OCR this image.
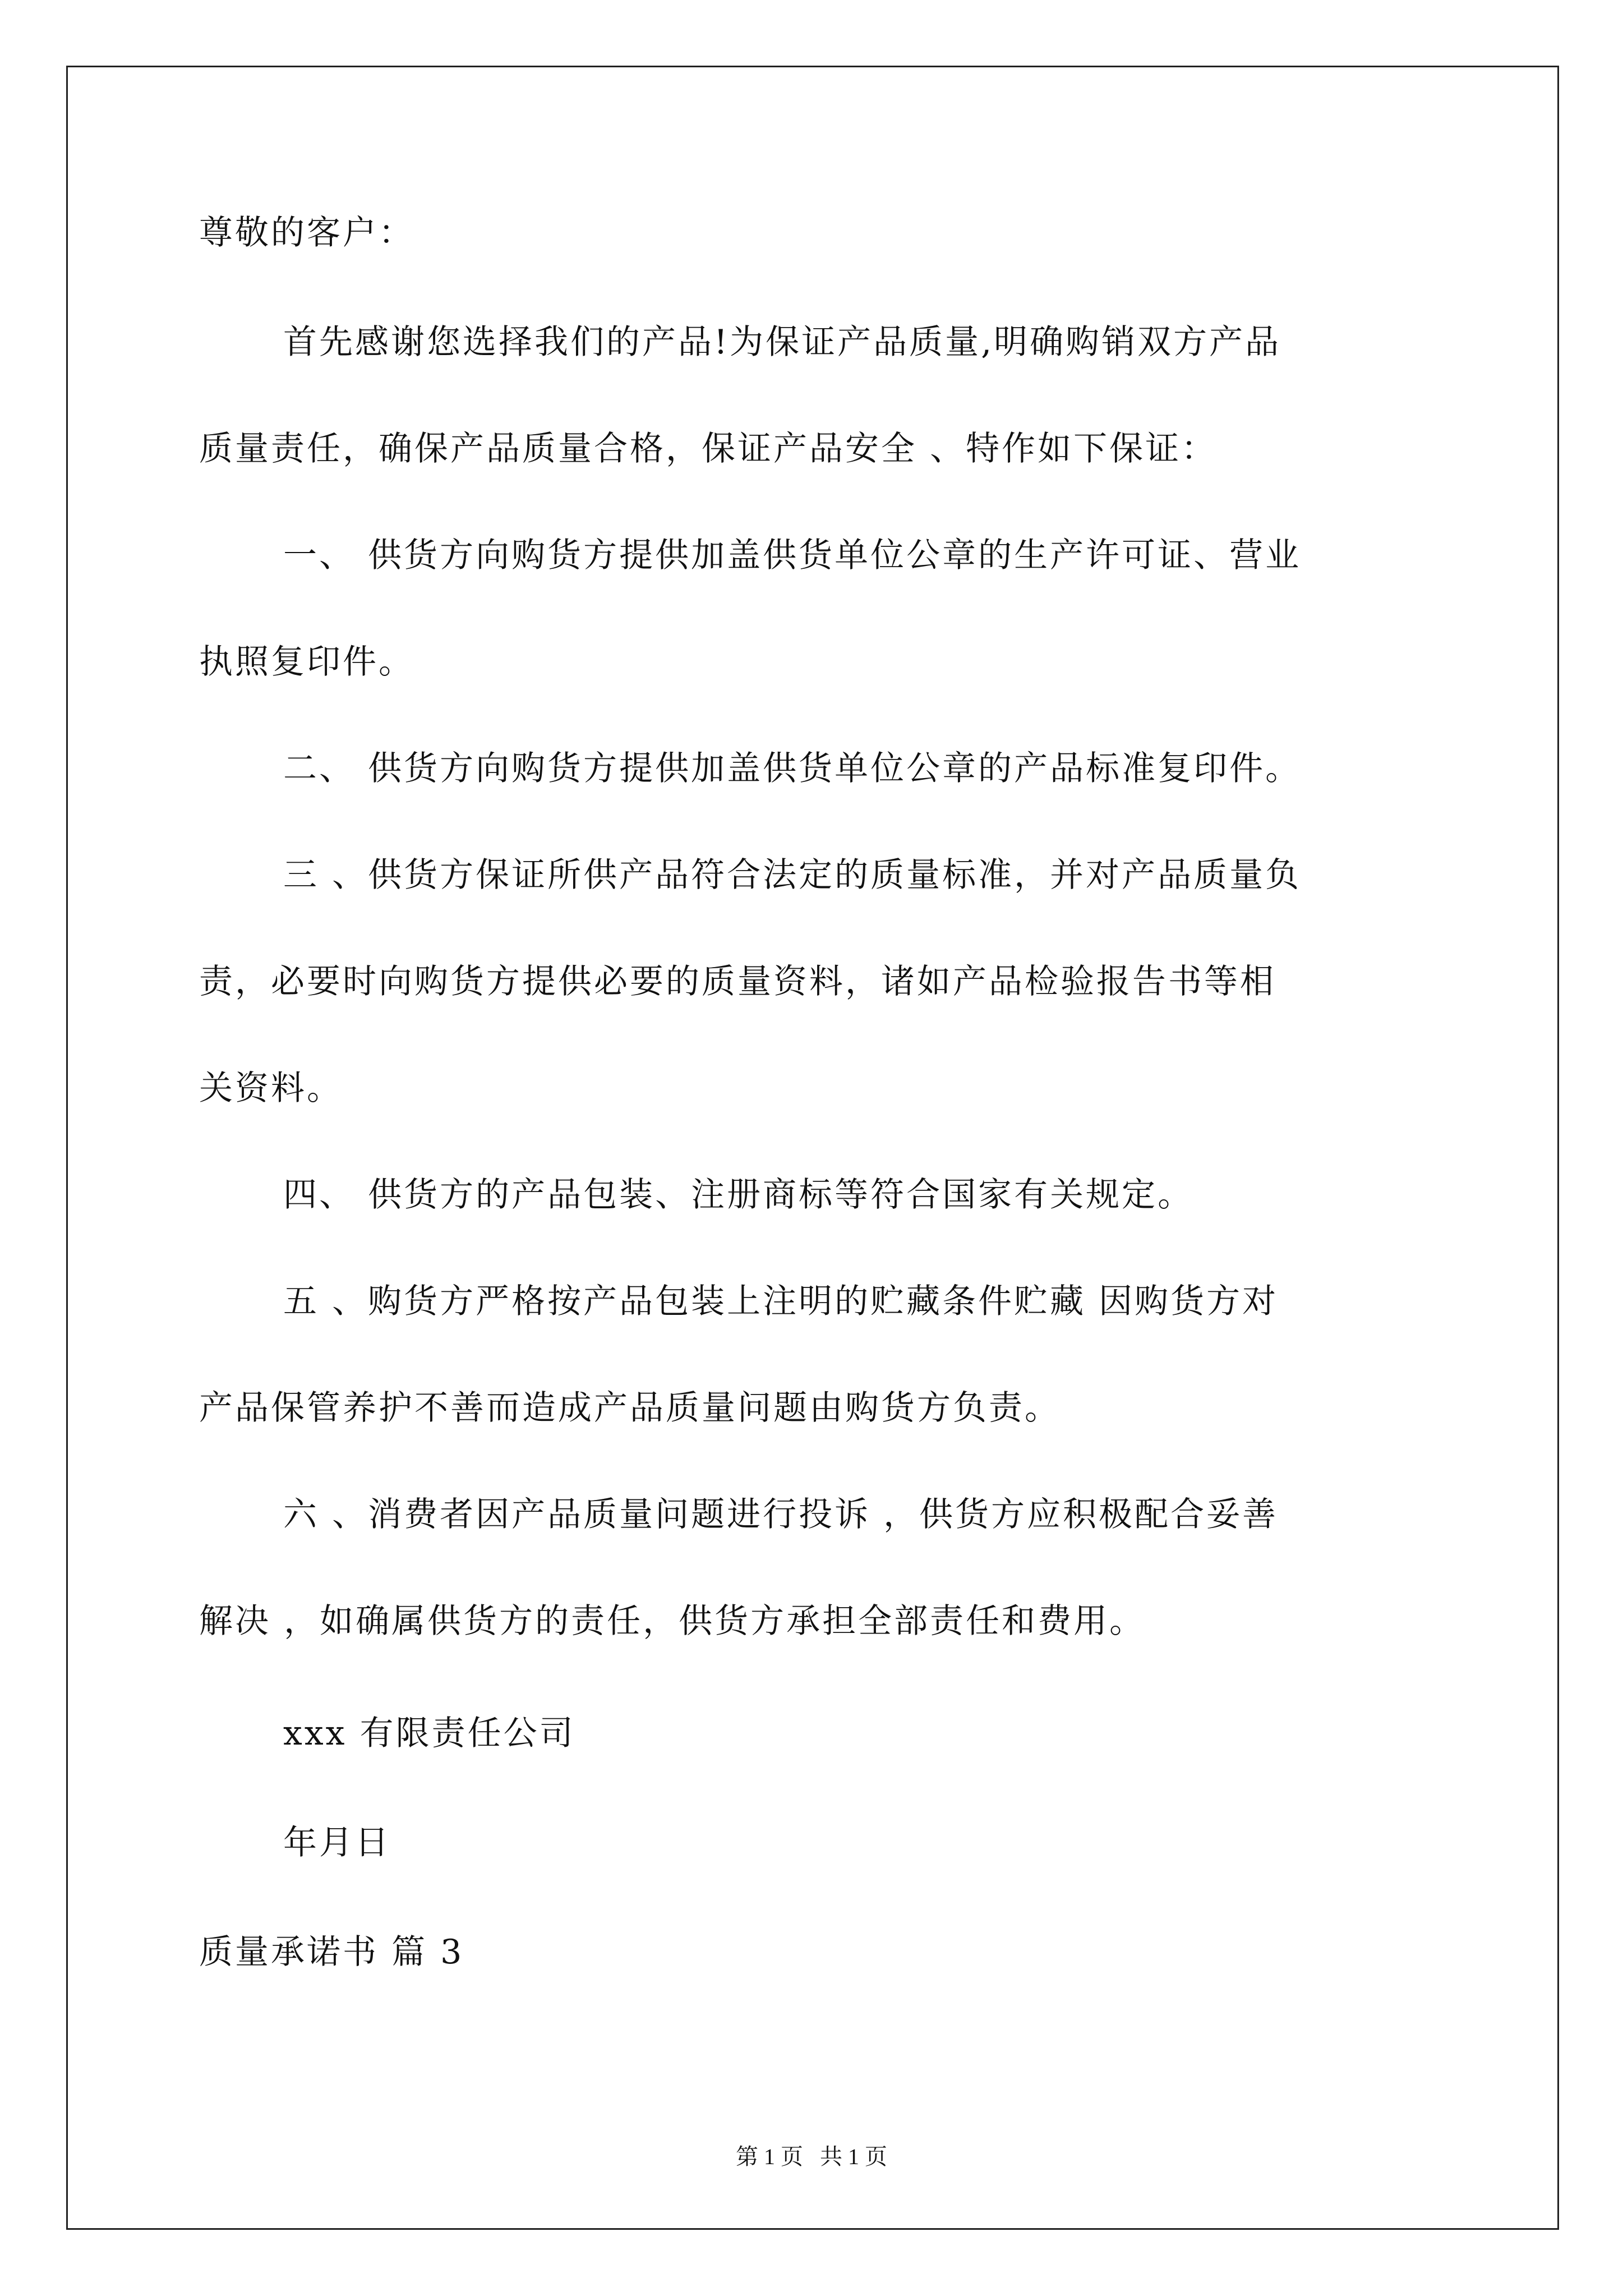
尊敬的客户：

首先感谢您选择我们的产品!为保证产品质量,明确购销双方产品

质量责任，确保产品质量合格，保证产品安全 、特作如下保证：

一、 供货方向购货方提供加盖供货单位公章的生产许可证、营业

执照复印件。

二、 供货方向购货方提供加盖供货单位公章的产品标准复印件。

三 、供货方保证所供产品符合法定的质量标准，并对产品质量负

责，必要时向购货方提供必要的质量资料，诸如产品检验报告书等相

关资料。

四、 供货方的产品包装、注册商标等符合国家有关规定。

五 、购货方严格按产品包装上注明的贮藏条件贮藏 因购货方对

产品保管养护不善而造成产品质量问题由购货方负责。

六 、消费者因产品质量问题进行投诉 ，供货方应积极配合妥善

解决 ，如确属供货方的责任，供货方承担全部责任和费用。

xxx 有限责任公司

年月日

质量承诺书 篇 3

第 1 页   共 1 页
